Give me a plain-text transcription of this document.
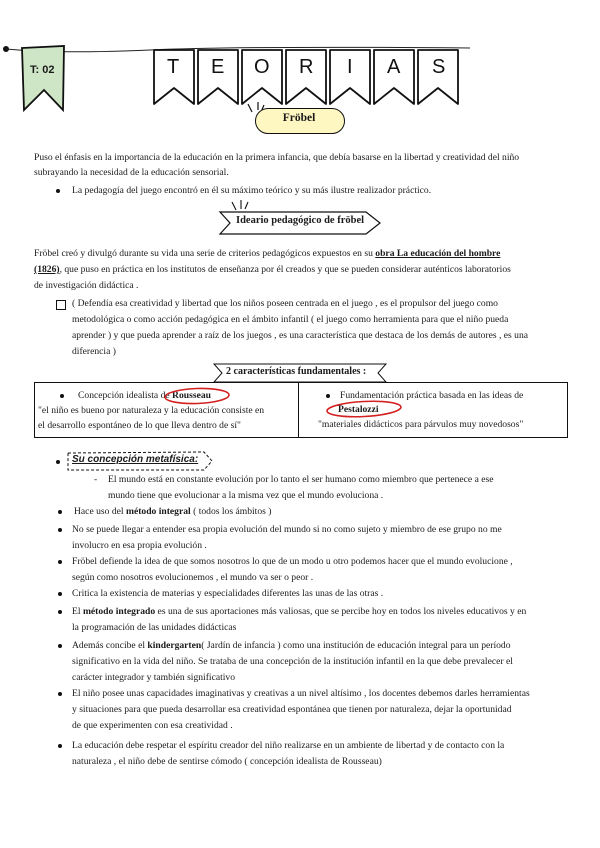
T: 02	T E O R I A S
Fröbel
Puso el énfasis en la importancia de la educación en la primera infancia, que debía basarse en la libertad y creatividad del niño
subrayando la necesidad de la educación sensorial.
La pedagogía del juego encontró en él su máximo teórico y su más ilustre realizador práctico.
Ideario pedagógico de fröbel
Fröbel creó y divulgó durante su vida una serie de criterios pedagógicos expuestos en su obra La educación del hombre
(1826), que puso en práctica en los institutos de enseñanza por él creados y que se pueden considerar auténticos laboratorios
de investigación didáctica .
( Defendía esa creatividad y libertad que los niños poseen centrada en el juego , es el propulsor del juego como
metodológica o como acción pedagógica en el ámbito infantil ( el juego como herramienta para que el niño pueda
aprender ) y que pueda aprender a raíz de los juegos , es una característica que destaca de los demás de autores , es una
diferencia )
2 características fundamentales :
Concepción idealista de Rousseau
"el niño es bueno por naturaleza y la educación consiste en
el desarrollo espontáneo de lo que lleva dentro de sí"
Fundamentación práctica basada en las ideas de
Pestalozzi
"materiales didácticos para párvulos muy novedosos"
Su concepción metafísica:
- El mundo está en constante evolución por lo tanto el ser humano como miembro que pertenece a ese
mundo tiene que evolucionar a la misma vez que el mundo evoluciona .
Hace uso del método integral ( todos los ámbitos )
No se puede llegar a entender esa propia evolución del mundo si no como sujeto y miembro de ese grupo no me
involucro en esa propia evolución .
Fröbel defiende la idea de que somos nosotros lo que de un modo u otro podemos hacer que el mundo evolucione ,
según como nosotros evolucionemos , el mundo va ser o peor .
Critica la existencia de materias y especialidades diferentes las unas de las otras .
El método integrado es una de sus aportaciones más valiosas, que se percibe hoy en todos los niveles educativos y en
la programación de las unidades didácticas
Además concibe el kindergarten( Jardín de infancia ) como una institución de educación integral para un período
significativo en la vida del niño. Se trataba de una concepción de la institución infantil en la que debe prevalecer el
carácter integrador y también significativo
El niño posee unas capacidades imaginativas y creativas a un nivel altísimo , los docentes debemos darles herramientas
y situaciones para que pueda desarrollar esa creatividad espontánea que tienen por naturaleza, dejar la oportunidad
de que experimenten con esa creatividad .
La educación debe respetar el espíritu creador del niño realizarse en un ambiente de libertad y de contacto con la
naturaleza , el niño debe de sentirse cómodo ( concepción idealista de Rousseau)
